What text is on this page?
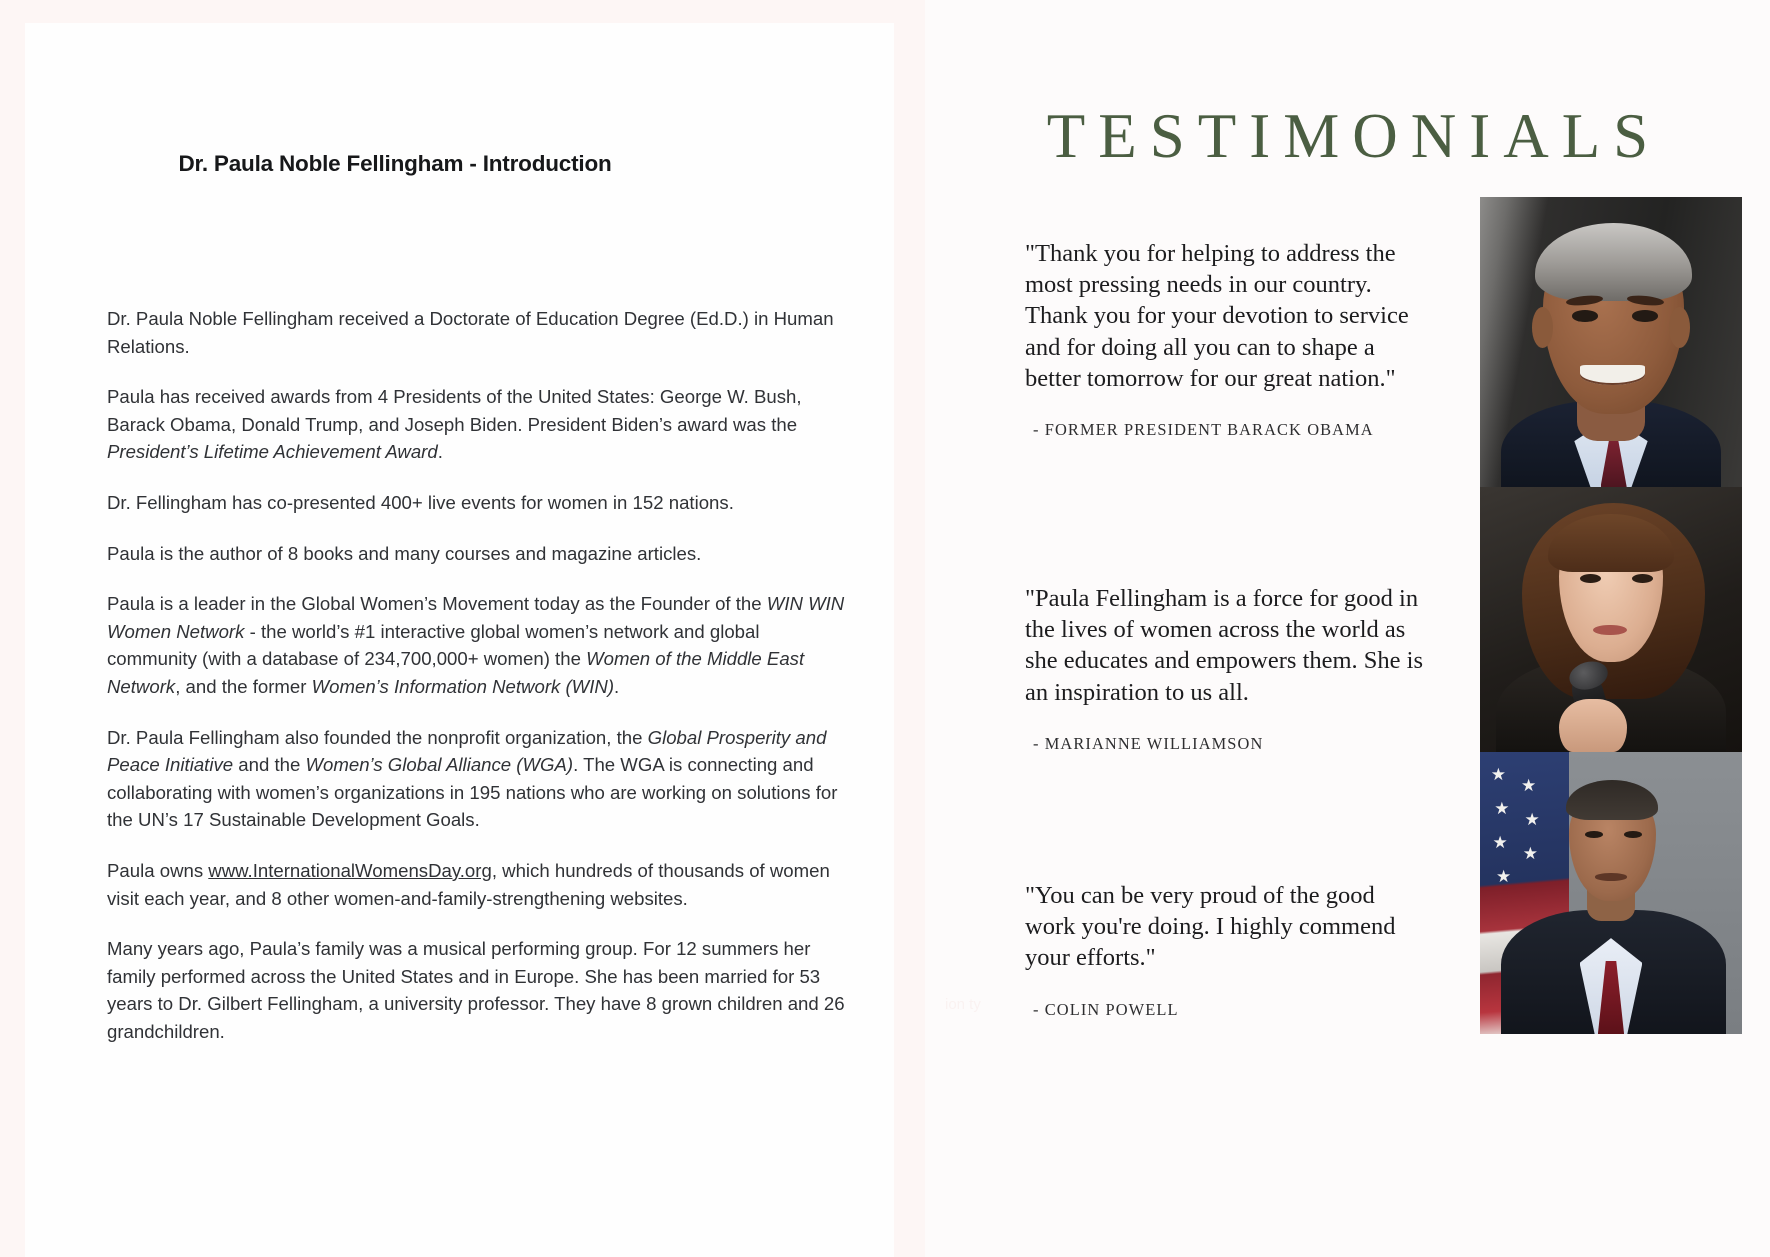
Dr. Paula Noble Fellingham - Introduction

Dr. Paula Noble Fellingham received a Doctorate of Education Degree (Ed.D.) in Human Relations.

Paula has received awards from 4 Presidents of the United States: George W. Bush, Barack Obama, Donald Trump, and Joseph Biden. President Biden’s award was the President’s Lifetime Achievement Award.

Dr. Fellingham has co-presented 400+ live events for women in 152 nations.

Paula is the author of 8 books and many courses and magazine articles.

Paula is a leader in the Global Women’s Movement today as the Founder of the WIN WIN Women Network - the world’s #1 interactive global women’s network and global community (with a database of 234,700,000+ women) the Women of the Middle East Network, and the former Women’s Information Network (WIN).

Dr. Paula Fellingham also founded the nonprofit organization, the Global Prosperity and Peace Initiative and the Women’s Global Alliance (WGA). The WGA is connecting and collaborating with women’s organizations in 195 nations who are working on solutions for the UN’s 17 Sustainable Development Goals.

Paula owns www.InternationalWomensDay.org, which hundreds of thousands of women visit each year, and 8 other women-and-family-strengthening websites.

Many years ago, Paula’s family was a musical performing group. For 12 summers her family performed across the United States and in Europe. She has been married for 53 years to Dr. Gilbert Fellingham, a university professor. They have 8 grown children and 26 grandchildren.

TESTIMONIALS
"Thank you for helping to address the most pressing needs in our country. Thank you for your devotion to service and for doing all you can to shape a better tomorrow for our great nation."
- FORMER PRESIDENT BARACK OBAMA
"Paula Fellingham is a force for good in the lives of women across the world as she educates and empowers them. She is an inspiration to us all.
- MARIANNE WILLIAMSON
"You can be very proud of the good work you're doing. I highly commend your efforts."
- COLIN POWELL
ion ty
★
★
★
★
★
★
★
